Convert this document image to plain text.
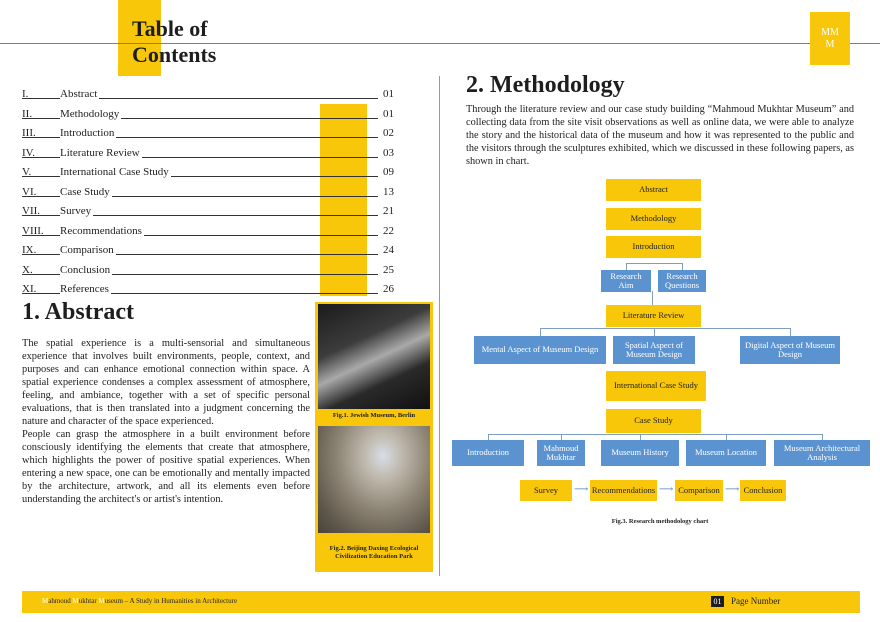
Table of
Contents
MMM
I.	Abstract	01
II.	Methodology	01
III. Introduction	02
IV. Literature Review	03
V.	International Case Study	09
VI. Case Study	13
VII. Survey	21
VIII. Recommendations	22
IX. Comparison	24
X. Conclusion	25
XI. References	26
1. Abstract

The spatial experience is a multi-sensorial and simultaneous experience that involves built environments, people, context, and purposes and can enhance emotional connection within space. A spatial experience condenses a complex assessment of atmosphere, feeling, and ambiance, together with a set of specific personal evaluations, that is then translated into a judgment concerning the nature and character of the space experienced.

People can grasp the atmosphere in a built environment before consciously identifying the elements that create that atmosphere, which highlights the power of positive spatial experiences. When entering a new space, one can be emotionally and mentally impacted by the architecture, artwork, and all its elements even before understanding the architect's or artist's intention.

Fig.1. Jewish Museum, Berlin
Fig.2. Beijing Daxing Ecological Civilization Education Park
2. Methodology
Through the literature review and our case study building “Mahmoud Mukhtar Museum” and collecting data from the site visit observations as well as online data, we were able to analyze the story and the historical data of the museum and how it was represented to the public and the visitors through the sculptures exhibited, which we discussed in these following papers, as shown in chart.
Abstract
Methodology
Introduction
Research Aim
Research Questions
Literature Review
Mental Aspect of Museum Design	Spatial Aspect of Museum Design
Digital Aspect of Museum Design
International Case Study
Case Study
Introduction	Mahmoud Mukhtar	Museum History	Museum Location	Museum Architectural Analysis
Survey	⟶ Recommendations ⟶ Comparison ⟶ Conclusion
Fig.3. Research methodology chart
Mahmoud Mukhtar Museum – A Study in Humanities in Architecture	01 Page Number
